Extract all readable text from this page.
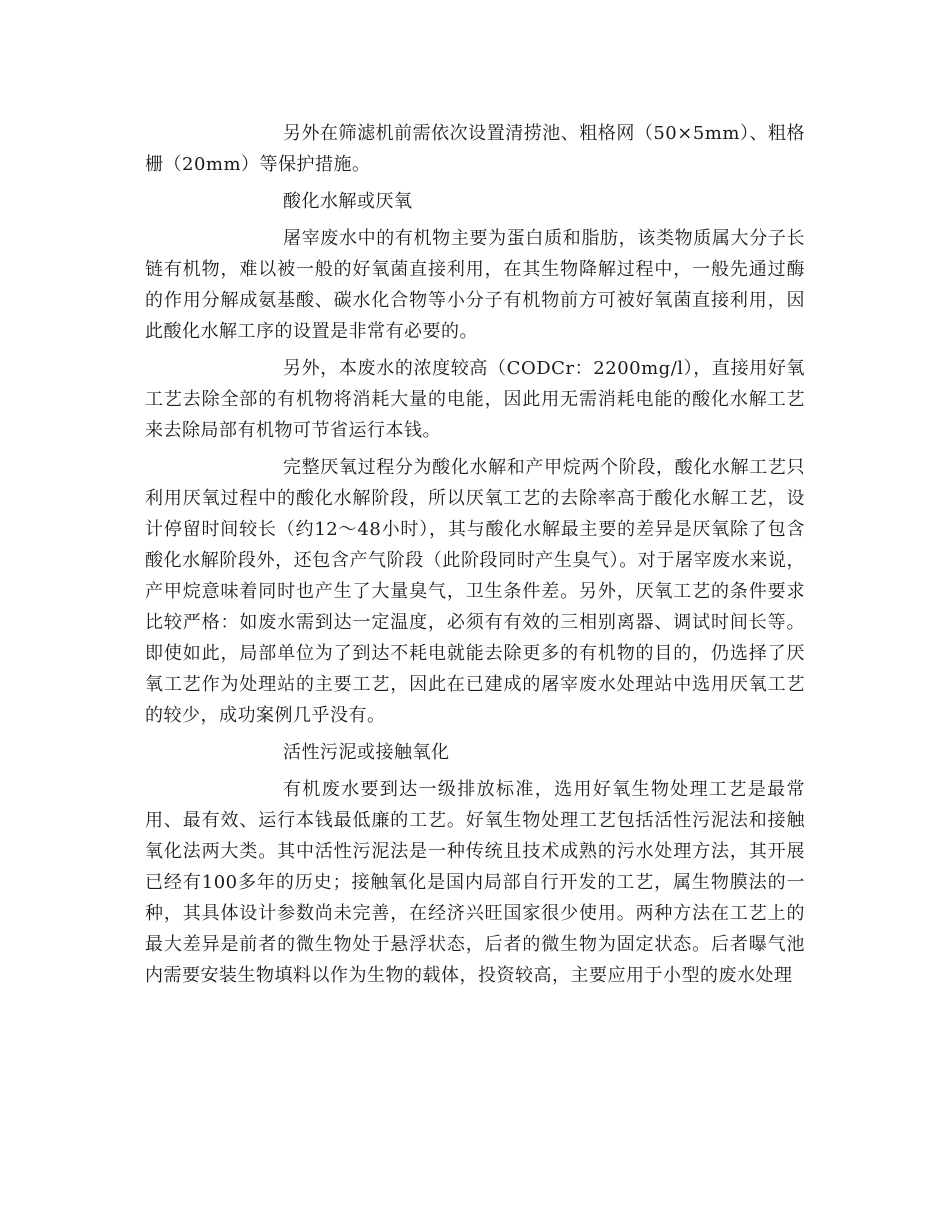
另外在筛滤机前需依次设置清捞池、粗格网（50×5mm）、粗格栅（20mm）等保护措施。

酸化水解或厌氧

屠宰废水中的有机物主要为蛋白质和脂肪，该类物质属大分子长链有机物，难以被一般的好氧菌直接利用，在其生物降解过程中，一般先通过酶的作用分解成氨基酸、碳水化合物等小分子有机物前方可被好氧菌直接利用，因此酸化水解工序的设置是非常有必要的。

另外，本废水的浓度较高（CODCr：2200mg/l），直接用好氧工艺去除全部的有机物将消耗大量的电能，因此用无需消耗电能的酸化水解工艺来去除局部有机物可节省运行本钱。

完整厌氧过程分为酸化水解和产甲烷两个阶段，酸化水解工艺只利用厌氧过程中的酸化水解阶段，所以厌氧工艺的去除率高于酸化水解工艺，设计停留时间较长（约12～48小时），其与酸化水解最主要的差异是厌氧除了包含酸化水解阶段外，还包含产气阶段（此阶段同时产生臭气）。对于屠宰废水来说，产甲烷意味着同时也产生了大量臭气，卫生条件差。另外，厌氧工艺的条件要求比较严格：如废水需到达一定温度，必须有有效的三相别离器、调试时间长等。即使如此，局部单位为了到达不耗电就能去除更多的有机物的目的，仍选择了厌氧工艺作为处理站的主要工艺，因此在已建成的屠宰废水处理站中选用厌氧工艺的较少，成功案例几乎没有。

活性污泥或接触氧化

有机废水要到达一级排放标准，选用好氧生物处理工艺是最常用、最有效、运行本钱最低廉的工艺。好氧生物处理工艺包括活性污泥法和接触氧化法两大类。其中活性污泥法是一种传统且技术成熟的污水处理方法，其开展已经有100多年的历史；接触氧化是国内局部自行开发的工艺，属生物膜法的一种，其具体设计参数尚未完善，在经济兴旺国家很少使用。两种方法在工艺上的最大差异是前者的微生物处于悬浮状态，后者的微生物为固定状态。后者曝气池内需要安装生物填料以作为生物的载体，投资较高，主要应用于小型的废水处理
